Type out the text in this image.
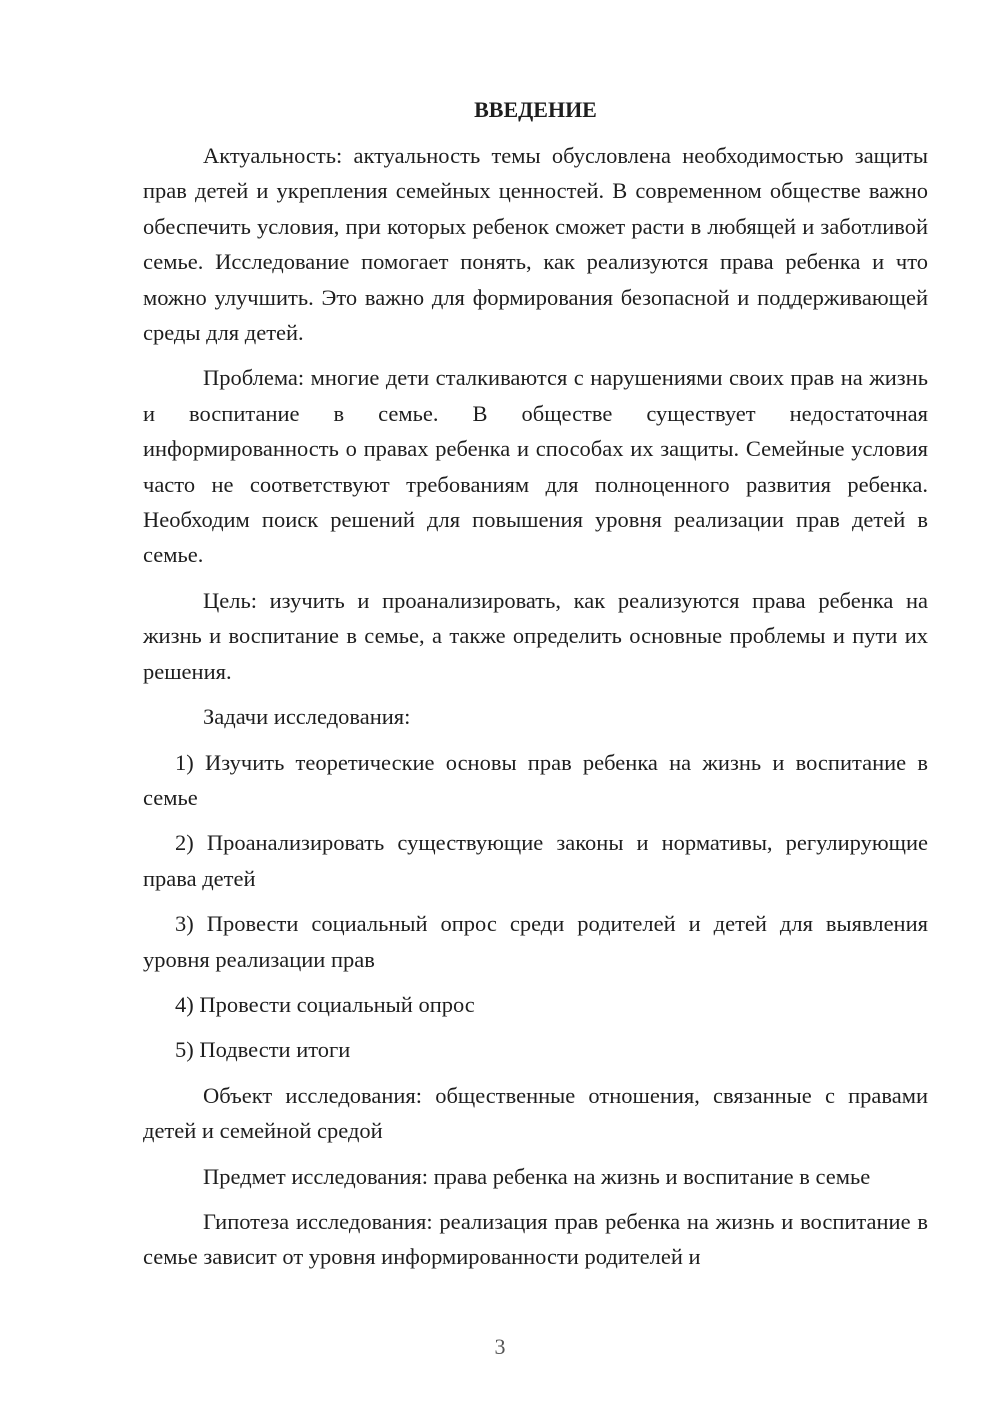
ВВЕДЕНИЕ

Актуальность: актуальность темы обусловлена необходимостью защиты прав детей и укрепления семейных ценностей. В современном обществе важно обеспечить условия, при которых ребенок сможет расти в любящей и заботливой семье. Исследование помогает понять, как реализуются права ребенка и что можно улучшить. Это важно для формирования безопасной и поддерживающей среды для детей.

Проблема: многие дети сталкиваются с нарушениями своих прав на жизнь и воспитание в семье. В обществе существует недостаточная информированность о правах ребенка и способах их защиты. Семейные условия часто не соответствуют требованиям для полноценного развития ребенка. Необходим поиск решений для повышения уровня реализации прав детей в семье.

Цель: изучить и проанализировать, как реализуются права ребенка на жизнь и воспитание в семье, а также определить основные проблемы и пути их решения.

Задачи исследования:

1) Изучить теоретические основы прав ребенка на жизнь и воспитание в семье

2) Проанализировать существующие законы и нормативы, регулирующие права детей

3) Провести социальный опрос среди родителей и детей для выявления уровня реализации прав

4) Провести социальный опрос

5) Подвести итоги

Объект исследования: общественные отношения, связанные с правами детей и семейной средой

Предмет исследования: права ребенка на жизнь и воспитание в семье

Гипотеза исследования: реализация прав ребенка на жизнь и воспитание в семье зависит от уровня информированности родителей и

3
